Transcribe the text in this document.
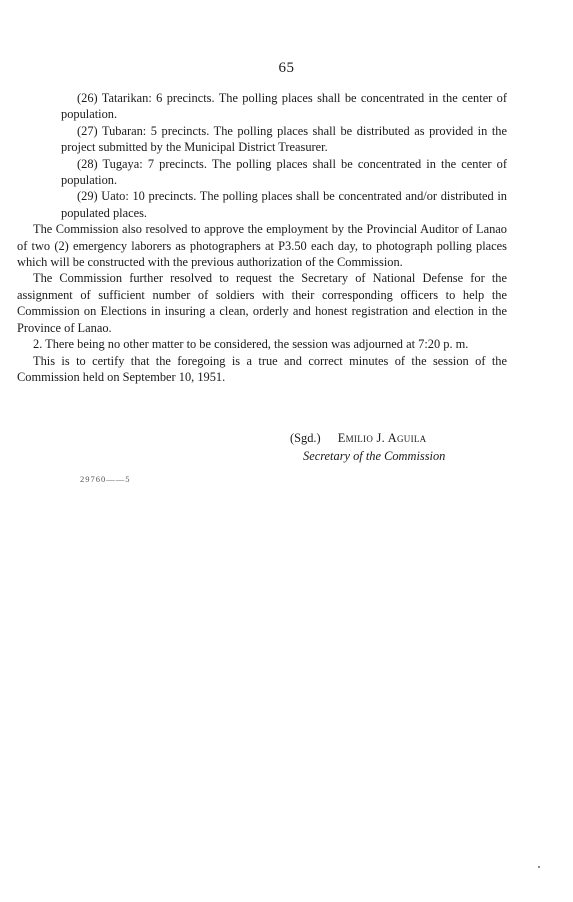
65

(26) Tatarikan: 6 precincts. The polling places shall be concentrated in the center of population.

(27) Tubaran: 5 precincts. The polling places shall be distributed as provided in the project submitted by the Municipal District Treasurer.

(28) Tugaya: 7 precincts. The polling places shall be concentrated in the center of population.

(29) Uato: 10 precincts. The polling places shall be concentrated and/or distributed in populated places.

The Commission also resolved to approve the employment by the Provincial Auditor of Lanao of two (2) emergency laborers as photographers at P3.50 each day, to photograph polling places which will be constructed with the previous authorization of the Commission.

The Commission further resolved to request the Secretary of National Defense for the assignment of sufficient number of soldiers with their corresponding officers to help the Commission on Elections in insuring a clean, orderly and honest registration and election in the Province of Lanao.

2. There being no other matter to be considered, the session was adjourned at 7:20 p. m.

This is to certify that the foregoing is a true and correct minutes of the session of the Commission held on September 10, 1951.

(Sgd.) Emilio J. Aguila
Secretary of the Commission
29760——5
